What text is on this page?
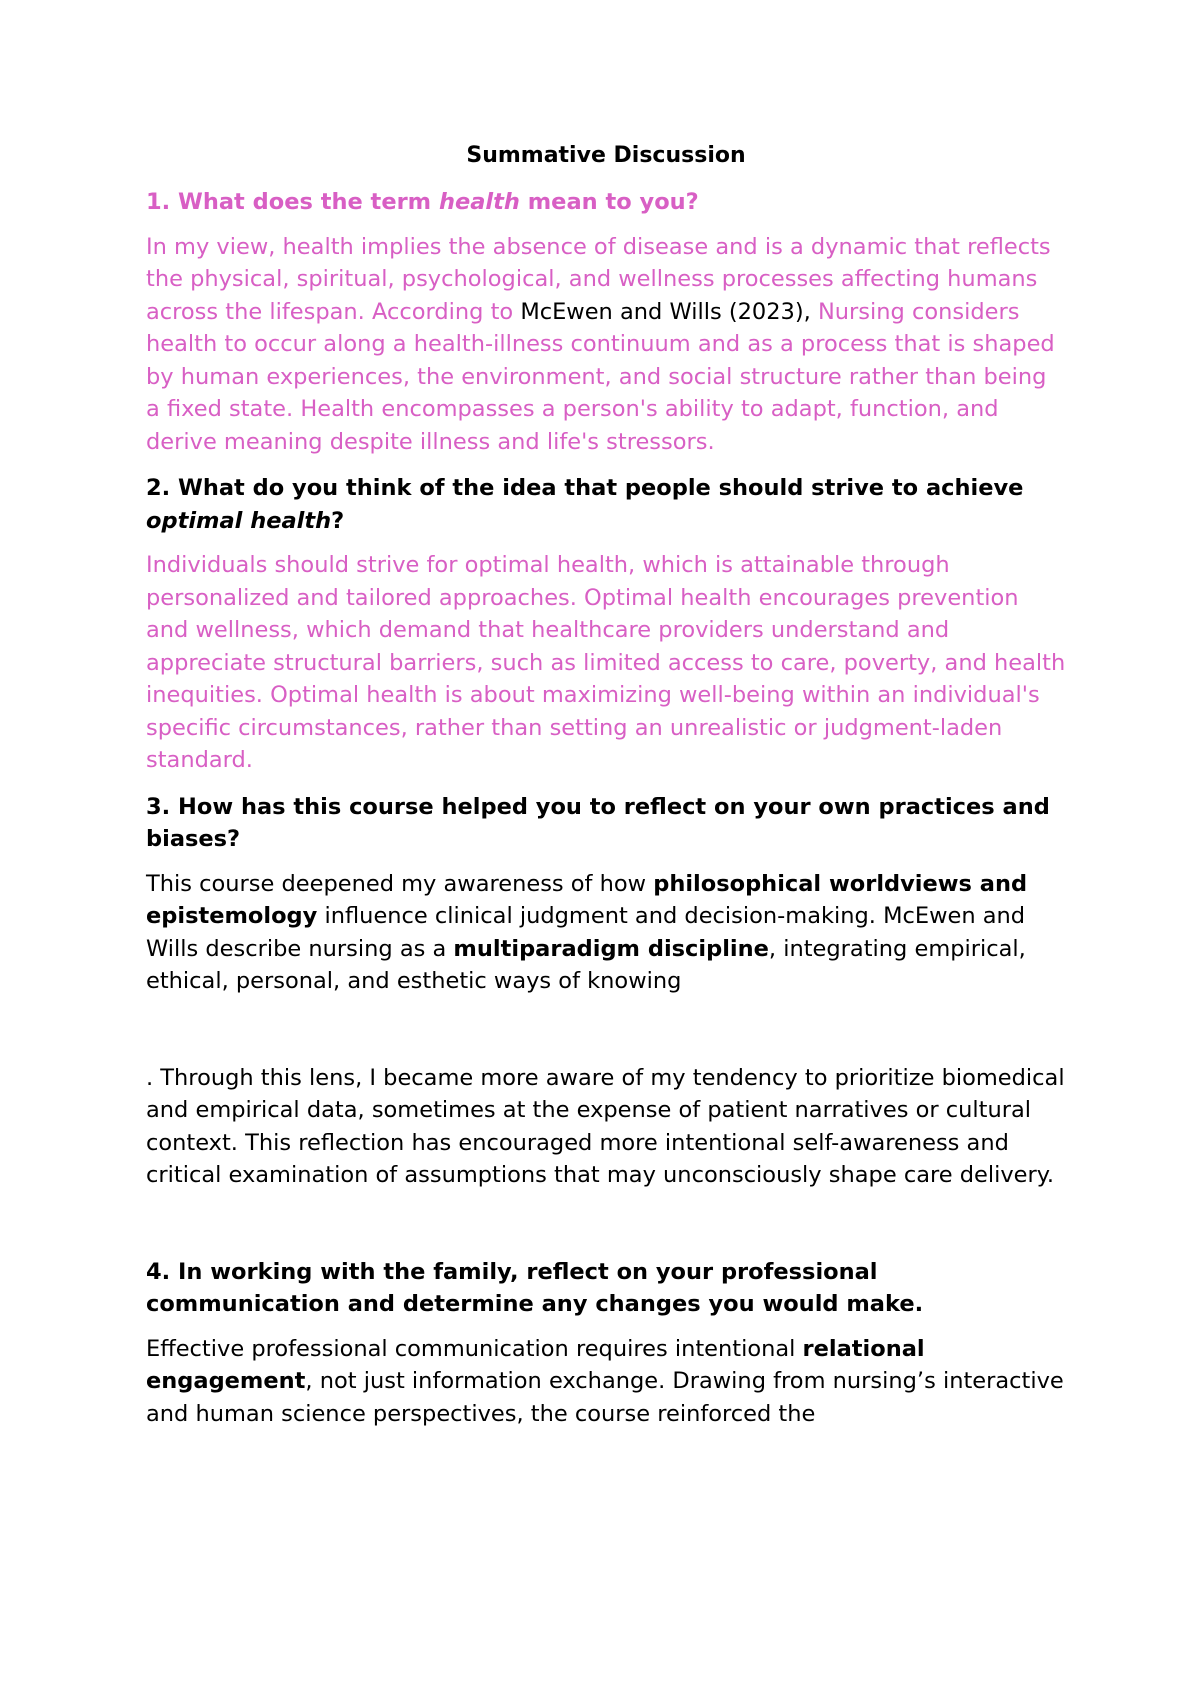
Summative Discussion
1. What does the term health mean to you?
In my view, health implies the absence of disease and is a dynamic that reflects the physical, spiritual, psychological, and wellness processes affecting humans across the lifespan. According to McEwen and Wills (2023), Nursing considers health to occur along a health-illness continuum and as a process that is shaped by human experiences, the environment, and social structure rather than being a fixed state. Health encompasses a person's ability to adapt, function, and derive meaning despite illness and life's stressors.
2. What do you think of the idea that people should strive to achieve optimal health?
Individuals should strive for optimal health, which is attainable through personalized and tailored approaches. Optimal health encourages prevention and wellness, which demand that healthcare providers understand and appreciate structural barriers, such as limited access to care, poverty, and health inequities. Optimal health is about maximizing well-being within an individual's specific circumstances, rather than setting an unrealistic or judgment-laden standard.
3. How has this course helped you to reflect on your own practices and biases?
This course deepened my awareness of how philosophical worldviews and epistemology influence clinical judgment and decision-making. McEwen and Wills describe nursing as a multiparadigm discipline, integrating empirical, ethical, personal, and esthetic ways of knowing
. Through this lens, I became more aware of my tendency to prioritize biomedical and empirical data, sometimes at the expense of patient narratives or cultural context. This reflection has encouraged more intentional self-awareness and critical examination of assumptions that may unconsciously shape care delivery.
4. In working with the family, reflect on your professional communication and determine any changes you would make.
Effective professional communication requires intentional relational engagement, not just information exchange. Drawing from nursing’s interactive and human science perspectives, the course reinforced the
